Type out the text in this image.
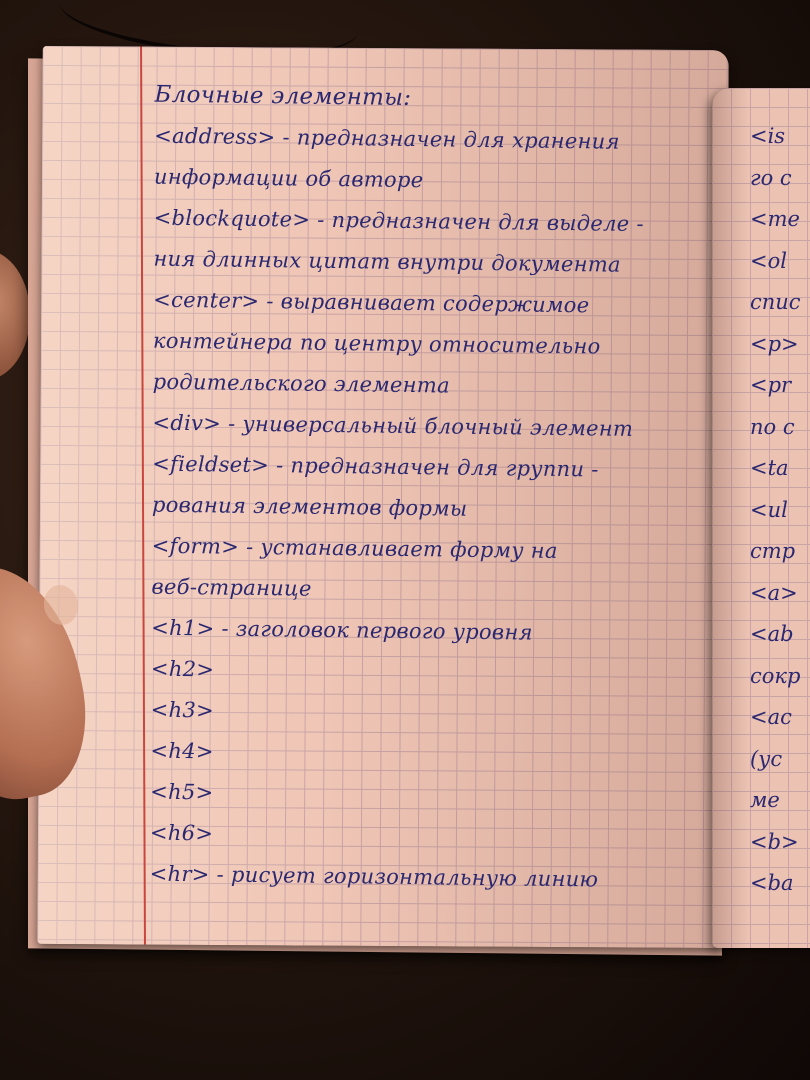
Блочные элементы:
<address> - предназначен для хранения
информации об авторе
<blockquote> - предназначен для выделе -
ния длинных цитат внутри документа
<center> - выравнивает содержимое
контейнера по центру относительно
родительского элемента
<div> - универсальный блочный элемент
<fieldset> - предназначен для группи -
рования элементов формы
<form> - устанавливает форму на
веб-странице
<h1> - заголовок первого уровня
<h2>
<h3>
<h4>
<h5>
<h6>
<hr> - рисует горизонтальную линию
<is
го с
<me
<ol
спис
<p>
<pr
по с
<ta
<ul
стр
<a>
<ab
сокр
<ac
(ус
ме
<b>
<ba
